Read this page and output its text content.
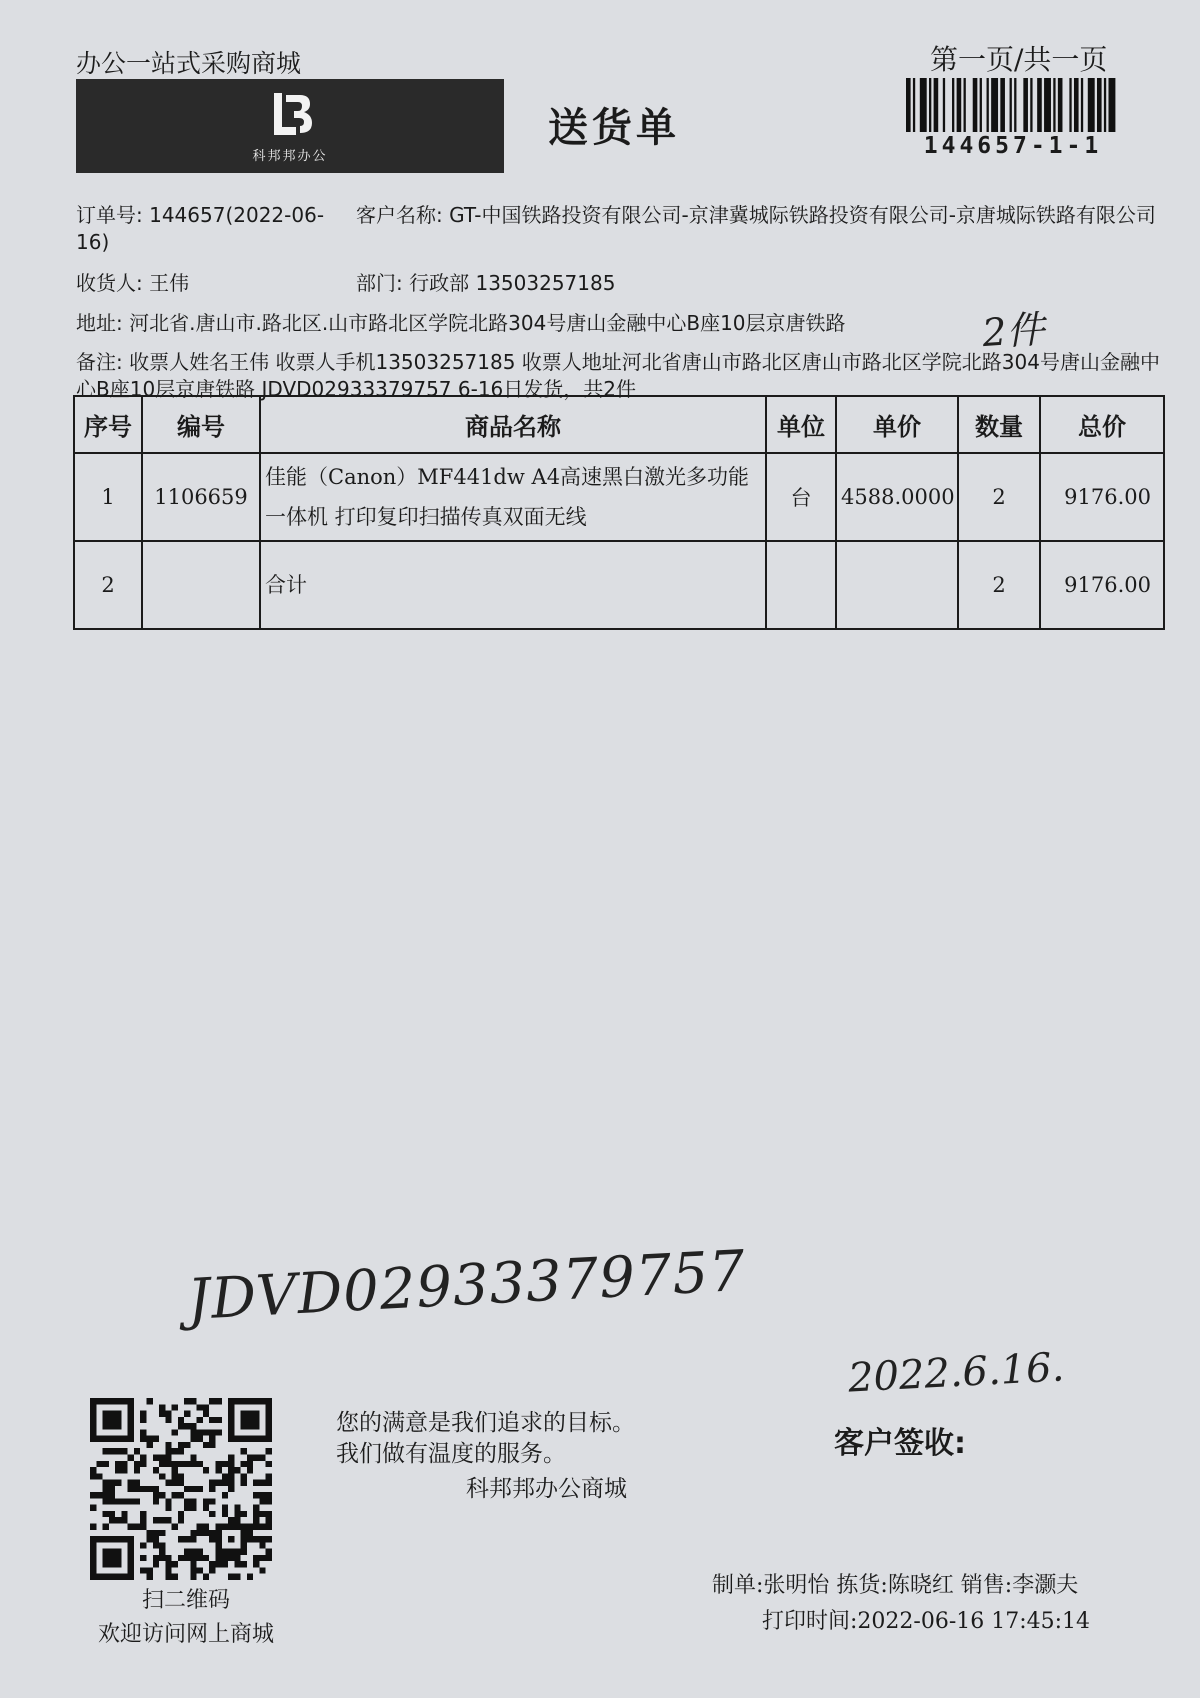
办公一站式采购商城
科邦邦办公
送货单
第一页/共一页
144657-1-1
订单号: 144657(2022-06-16)
客户名称: GT-中国铁路投资有限公司-京津冀城际铁路投资有限公司-京唐城际铁路有限公司
收货人: 王伟	部门: 行政部 13503257185
地址: 河北省.唐山市.路北区.山市路北区学院北路304号唐山金融中心B座10层京唐铁路
备注: 收票人姓名王伟 收票人手机13503257185 收票人地址河北省唐山市路北区唐山市路北区学院北路304号唐山金融中心B座10层京唐铁路 JDVD02933379757 6-16日发货，共2件
2件
序号	编号	商品名称	单位	单价	数量	总价
1	1106659	佳能（Canon）MF441dw A4高速黑白激光多功能一体机 打印复印扫描传真双面无线	台	4588.0000	2	9176.00
2		合计			2	9176.00
JDVD02933379757
2022.6.16.
扫二维码
欢迎访问网上商城
您的满意是我们追求的目标。
我们做有温度的服务。
科邦邦办公商城
客户签收:
制单:张明怡 拣货:陈晓红 销售:李灏夫
打印时间:2022-06-16 17:45:14
